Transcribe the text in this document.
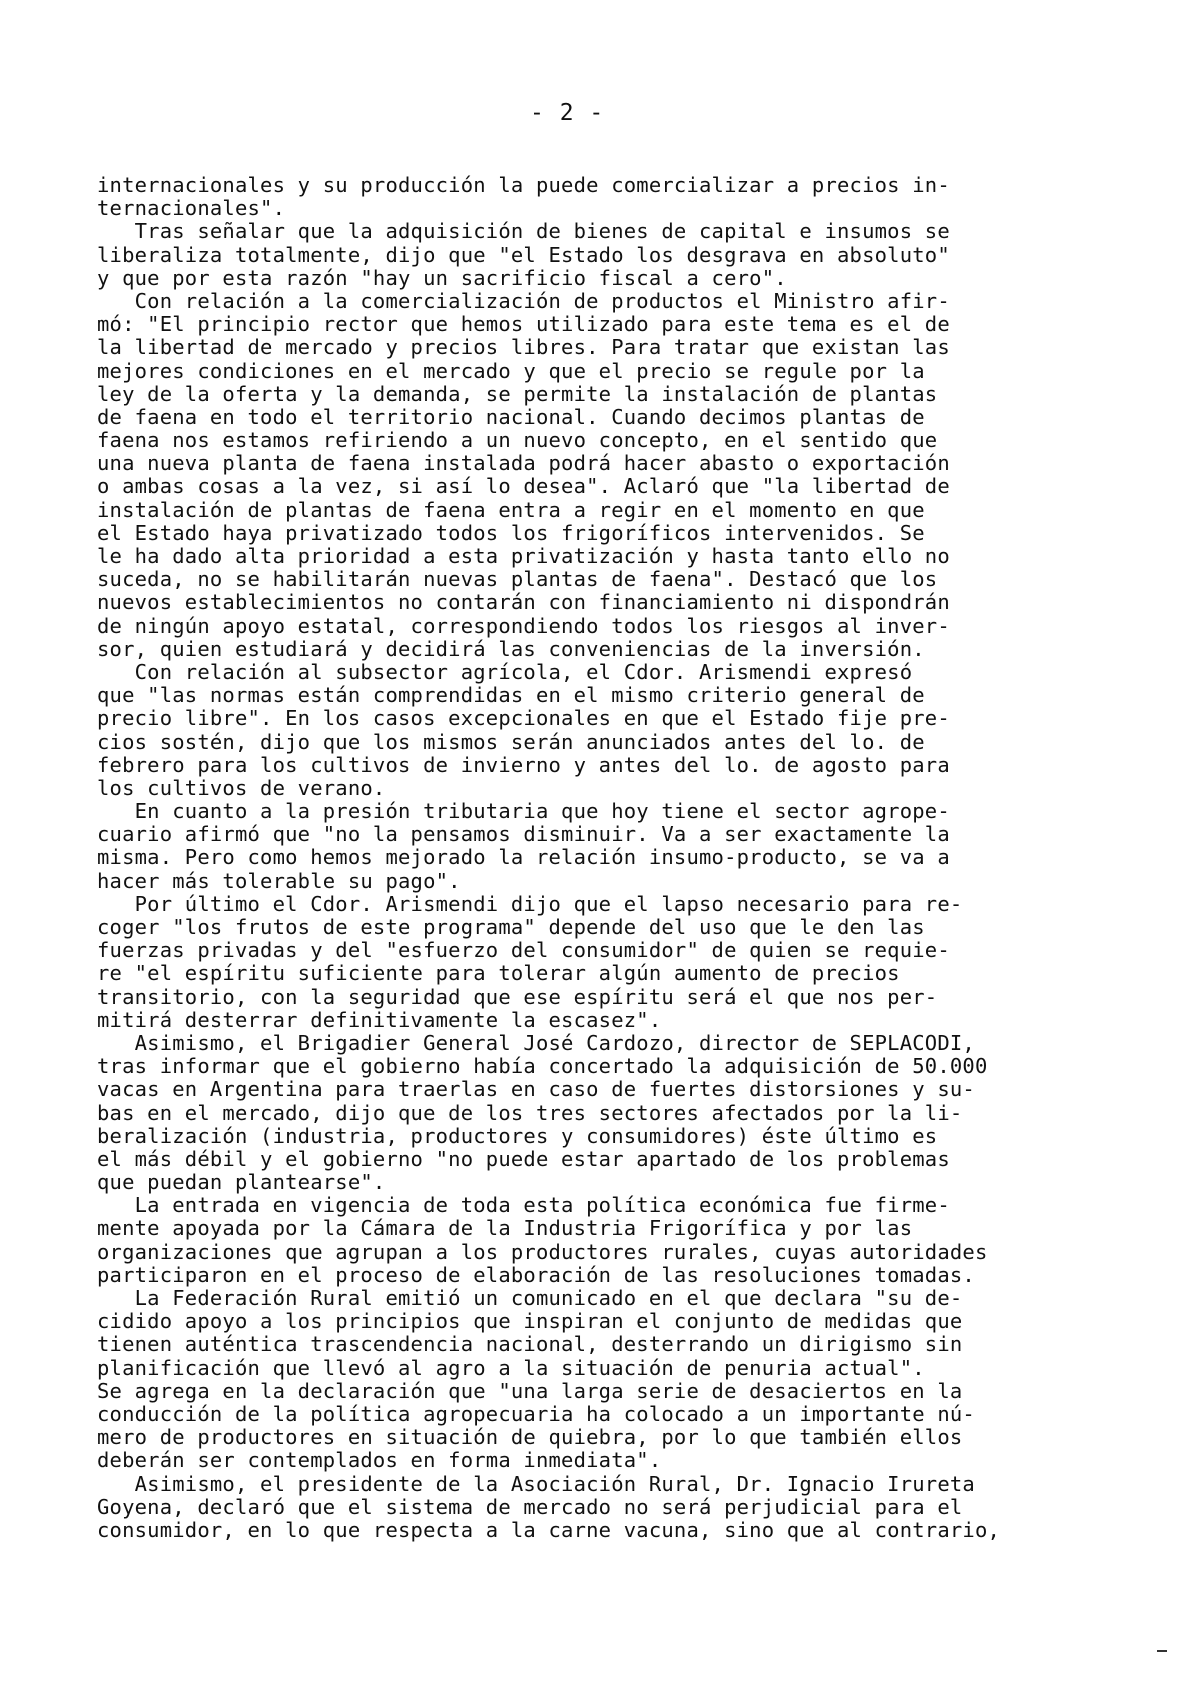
- 2 -
internacionales y su producción la puede comercializar a precios in-
ternacionales".
Tras señalar que la adquisición de bienes de capital e insumos se
liberaliza totalmente, dijo que "el Estado los desgrava en absoluto"
y que por esta razón "hay un sacrificio fiscal a cero".
Con relación a la comercialización de productos el Ministro afir-
mó: "El principio rector que hemos utilizado para este tema es el de
la libertad de mercado y precios libres. Para tratar que existan las
mejores condiciones en el mercado y que el precio se regule por la
ley de la oferta y la demanda, se permite la instalación de plantas
de faena en todo el territorio nacional. Cuando decimos plantas de
faena nos estamos refiriendo a un nuevo concepto, en el sentido que
una nueva planta de faena instalada podrá hacer abasto o exportación
o ambas cosas a la vez, si así lo desea". Aclaró que "la libertad de
instalación de plantas de faena entra a regir en el momento en que
el Estado haya privatizado todos los frigoríficos intervenidos. Se
le ha dado alta prioridad a esta privatización y hasta tanto ello no
suceda, no se habilitarán nuevas plantas de faena". Destacó que los
nuevos establecimientos no contarán con financiamiento ni dispondrán
de ningún apoyo estatal, correspondiendo todos los riesgos al inver-
sor, quien estudiará y decidirá las conveniencias de la inversión.
Con relación al subsector agrícola, el Cdor. Arismendi expresó
que "las normas están comprendidas en el mismo criterio general de
precio libre". En los casos excepcionales en que el Estado fije pre-
cios sostén, dijo que los mismos serán anunciados antes del lo. de
febrero para los cultivos de invierno y antes del lo. de agosto para
los cultivos de verano.
En cuanto a la presión tributaria que hoy tiene el sector agrope-
cuario afirmó que "no la pensamos disminuir. Va a ser exactamente la
misma. Pero como hemos mejorado la relación insumo-producto, se va a
hacer más tolerable su pago".
Por último el Cdor. Arismendi dijo que el lapso necesario para re-
coger "los frutos de este programa" depende del uso que le den las
fuerzas privadas y del "esfuerzo del consumidor" de quien se requie-
re "el espíritu suficiente para tolerar algún aumento de precios
transitorio, con la seguridad que ese espíritu será el que nos per-
mitirá desterrar definitivamente la escasez".
Asimismo, el Brigadier General José Cardozo, director de SEPLACODI,
tras informar que el gobierno había concertado la adquisición de 50.000
vacas en Argentina para traerlas en caso de fuertes distorsiones y su-
bas en el mercado, dijo que de los tres sectores afectados por la li-
beralización (industria, productores y consumidores) éste último es
el más débil y el gobierno "no puede estar apartado de los problemas
que puedan plantearse".
La entrada en vigencia de toda esta política económica fue firme-
mente apoyada por la Cámara de la Industria Frigorífica y por las
organizaciones que agrupan a los productores rurales, cuyas autoridades
participaron en el proceso de elaboración de las resoluciones tomadas.
La Federación Rural emitió un comunicado en el que declara "su de-
cidido apoyo a los principios que inspiran el conjunto de medidas que
tienen auténtica trascendencia nacional, desterrando un dirigismo sin
planificación que llevó al agro a la situación de penuria actual".
Se agrega en la declaración que "una larga serie de desaciertos en la
conducción de la política agropecuaria ha colocado a un importante nú-
mero de productores en situación de quiebra, por lo que también ellos
deberán ser contemplados en forma inmediata".
Asimismo, el presidente de la Asociación Rural, Dr. Ignacio Irureta
Goyena, declaró que el sistema de mercado no será perjudicial para el
consumidor, en lo que respecta a la carne vacuna, sino que al contrario,
